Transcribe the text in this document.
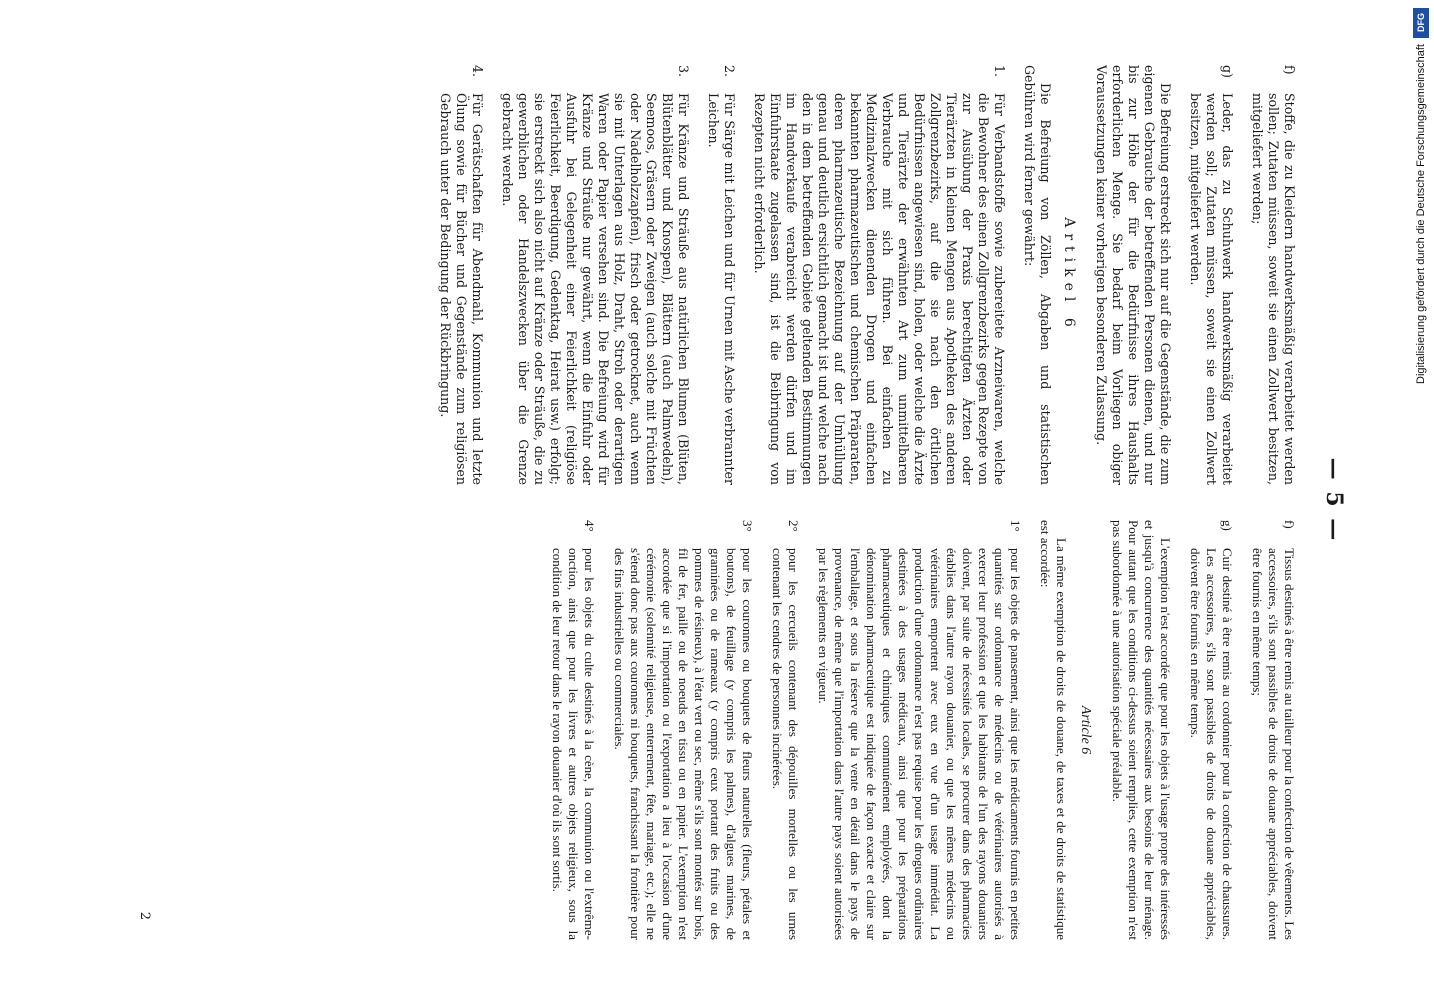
— 5 —
f)
Stoffe, die zu Kleidern handwerksmäßig verarbeitet werden sollen; Zutaten müssen, soweit sie einen Zollwert besitzen, mitgeliefert werden;
g)
Leder, das zu Schuhwerk handwerksmäßig verarbeitet werden soll; Zutaten müssen, soweit sie einen Zollwert besitzen, mitgeliefert werden.

Die Befreiung erstreckt sich nur auf die Gegenstände, die zum eigenen Gebrauche der betreffenden Personen dienen, und nur bis zur Höhe der für die Bedürfnisse ihres Haushalts erforderlichen Menge. Sie bedarf beim Vorliegen obiger Voraussetzungen keiner vorherigen besonderen Zulassung.

Artikel 6

Die Befreiung von Zöllen, Abgaben und statistischen Gebühren wird ferner gewährt:

1.
Für Verbandstoffe sowie zubereitete Arzneiwaren, welche die Bewohner des einen Zollgrenzbezirks gegen Rezepte von zur Ausübung der Praxis berechtigten Ärzten oder Tierärzten in kleinen Mengen aus Apotheken des anderen Zollgrenzbezirks, auf die sie nach den örtlichen Bedürfnissen angewiesen sind, holen, oder welche die Ärzte und Tierärzte der erwähnten Art zum unmittelbaren Verbrauche mit sich führen. Bei einfachen zu Medizinalzwecken dienenden Drogen und einfachen bekannten pharmazeutischen und chemischen Präparaten, deren pharmazeutische Bezeichnung auf der Umhüllung genau und deutlich ersichtlich gemacht ist und welche nach den in dem betreffenden Gebiete geltenden Bestimmungen im Handverkaufe verabreicht werden dürfen und im Einfuhrstaate zugelassen sind, ist die Beibringung von Rezepten nicht erforderlich.
2.
Für Särge mit Leichen und für Urnen mit Asche verbrannter Leichen.
3.
Für Kränze und Sträuße aus natürlichen Blumen (Blüten, Blütenblätter und Knospen), Blättern (auch Palmwedeln), Seemoos, Gräsern oder Zweigen (auch solche mit Früchten oder Nadelholzzapfen), frisch oder getrocknet, auch wenn sie mit Unterlagen aus Holz, Draht, Stroh oder derartigen Waren oder Papier versehen sind. Die Befreiung wird für Kränze und Sträuße nur gewährt, wenn die Einfuhr oder Ausfuhr bei Gelegenheit einer Feierlichkeit (religiöse Feierlichkeit, Beerdigung, Gedenktag, Heirat usw.) erfolgt; sie erstreckt sich also nicht auf Kränze oder Sträuße, die zu gewerblichen oder Handelszwecken über die Grenze gebracht werden.
4.
Für Gerätschaften für Abendmahl, Kommunion und letzte Ölung sowie für Bücher und Gegenstände zum religiösen Gebrauch unter der Bedingung der Rückbringung.
f)
Tissus destinés à être remis au tailleur pour la confection de vêtements. Les accessoires, s'ils sont passibles de droits de douane appréciables, doivent être fournis en même temps;
g)
Cuir destiné à être remis au cordonnier pour la confection de chaussures. Les accessoires, s'ils sont passibles de droits de douane appréciables, doivent être fournis en même temps.

L'exemption n'est accordée que pour les objets à l'usage propre des intéressés et jusqu'à concurrence des quantités nécessaires aux besoins de leur ménage. Pour autant que les conditions ci-dessus soient remplies, cette exemption n'est pas subordonnée à une autorisation spéciale préalable.

Article 6

La même exemption de droits de douane, de taxes et de droits de statistique est accordée:

1°
pour les objets de pansement, ainsi que les médicaments fournis en petites quantités sur ordonnance de médecins ou de vétérinaires autorisés à exercer leur profession et que les habitants de l'un des rayons douaniers doivent, par suite de nécessités locales, se procurer dans des pharmacies établies dans l'autre rayon douanier, ou que les mêmes médecins ou vétérinaires emportent avec eux en vue d'un usage immédiat. La production d'une ordonnance n'est pas requise pour les drogues ordinaires destinées à des usages médicaux, ainsi que pour les préparations pharmaceutiques et chimiques communément employées, dont la dénomination pharmaceutique est indiquée de façon exacte et claire sur l'emballage, et sous la réserve que la vente en détail dans le pays de provenance, de même que l'importation dans l'autre pays soient autorisées par les règlements en vigueur.
2°
pour les cercueils contenant des dépouilles mortelles ou les urnes contenant les cendres de personnes incinérées.
3°
pour les couronnes ou bouquets de fleurs naturelles (fleurs, pétales et boutons), de feuillage (y compris les palmes), d'algues marines, de graminées ou de rameaux (y compris ceux portant des fruits ou des pommes de résineux), à l'état vert ou sec, même s'ils sont montés sur bois, fil de fer, paille ou de noeuds en tissu ou en papier. L'exemption n'est accordée que si l'importation ou l'exportation a lieu à l'occasion d'une cérémonie (solennité religieuse, enterrement, fête, mariage, etc.); elle ne s'étend donc pas aux couronnes ni bouquets, franchissant la frontière pour des fins industrielles ou commerciales.
4°
pour les objets du culte destinés à la cène, la communion ou l'extrême-onction, ainsi que pour les livres et autres objets religieux, sous la condition de leur retour dans le rayon douanier d'où ils sont sortis.
2
DFG
Digitalisierung gefördert durch die Deutsche Forschungsgemeinschaft
